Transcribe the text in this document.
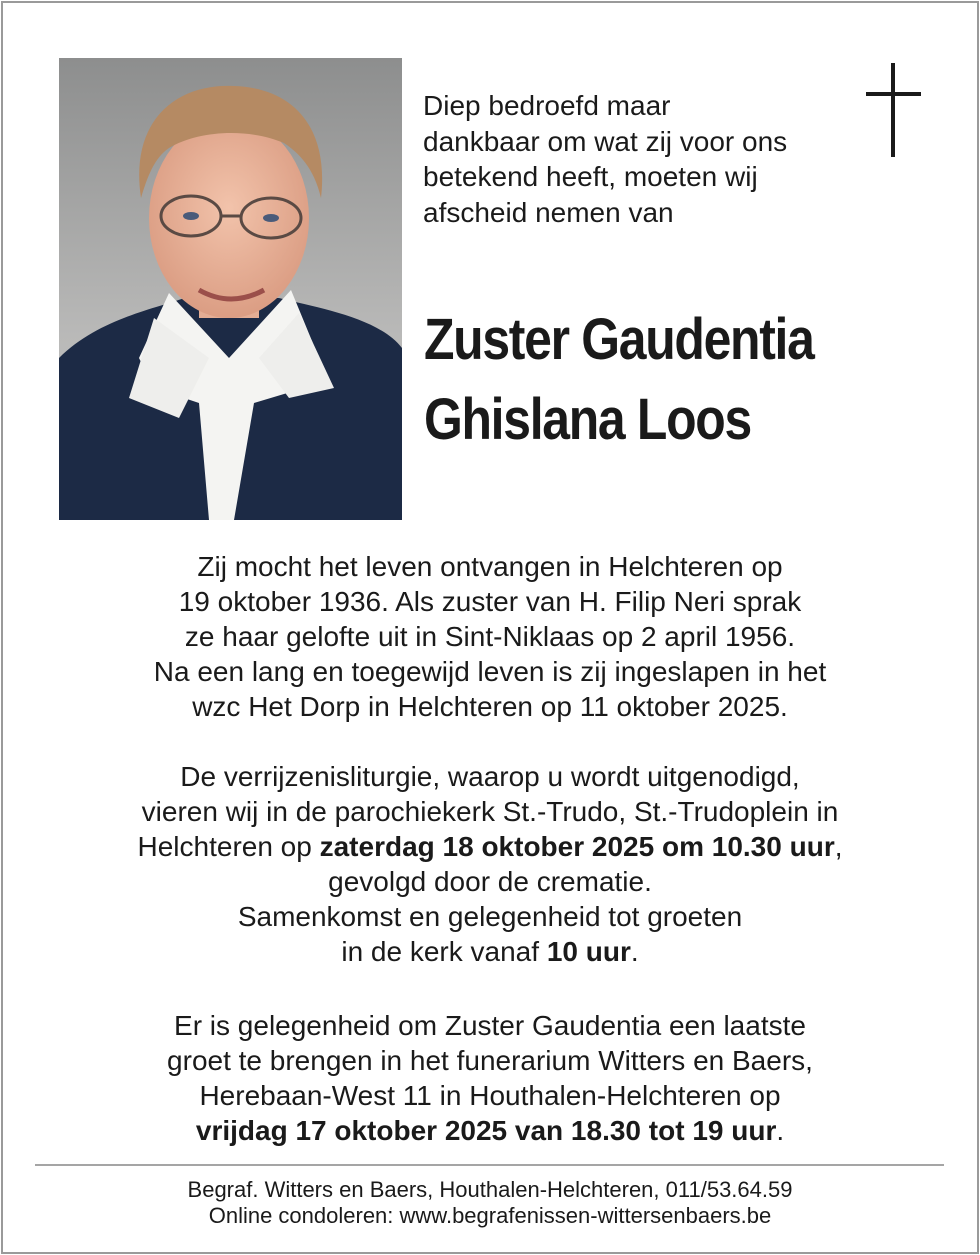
Diep bedroefd maar
dankbaar om wat zij voor ons
betekend heeft, moeten wij
afscheid nemen van
Zuster Gaudentia
Ghislana Loos
Zij mocht het leven ontvangen in Helchteren op
19 oktober 1936. Als zuster van H. Filip Neri sprak
ze haar gelofte uit in Sint-Niklaas op 2 april 1956.
Na een lang en toegewijd leven is zij ingeslapen in het
wzc Het Dorp in Helchteren op 11 oktober 2025.
De verrijzenisliturgie, waarop u wordt uitgenodigd,
vieren wij in de parochiekerk St.-Trudo, St.-Trudoplein in
Helchteren op zaterdag 18 oktober 2025 om 10.30 uur,
gevolgd door de crematie.
Samenkomst en gelegenheid tot groeten
in de kerk vanaf 10 uur.
Er is gelegenheid om Zuster Gaudentia een laatste
groet te brengen in het funerarium Witters en Baers,
Herebaan-West 11 in Houthalen-Helchteren op
vrijdag 17 oktober 2025 van 18.30 tot 19 uur.
Begraf. Witters en Baers, Houthalen-Helchteren, 011/53.64.59
Online condoleren: www.begrafenissen-wittersenbaers.be
